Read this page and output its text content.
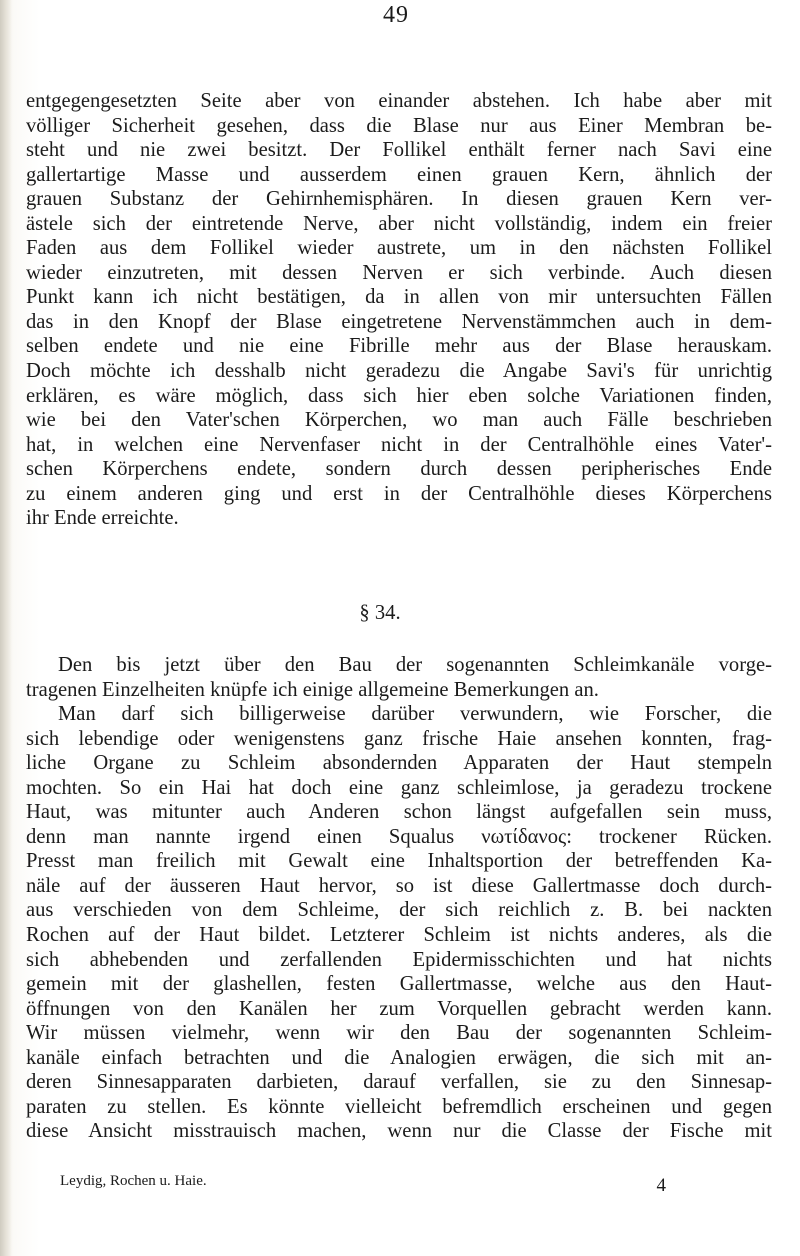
49
entgegengesetzten Seite aber von einander abstehen. Ich habe aber mit
völliger Sicherheit gesehen, dass die Blase nur aus Einer Membran be-
steht und nie zwei besitzt. Der Follikel enthält ferner nach Savi eine
gallertartige Masse und ausserdem einen grauen Kern, ähnlich der
grauen Substanz der Gehirnhemisphären. In diesen grauen Kern ver-
ästele sich der eintretende Nerve, aber nicht vollständig, indem ein freier
Faden aus dem Follikel wieder austrete, um in den nächsten Follikel
wieder einzutreten, mit dessen Nerven er sich verbinde. Auch diesen
Punkt kann ich nicht bestätigen, da in allen von mir untersuchten Fällen
das in den Knopf der Blase eingetretene Nervenstämmchen auch in dem-
selben endete und nie eine Fibrille mehr aus der Blase herauskam.
Doch möchte ich desshalb nicht geradezu die Angabe Savi's für unrichtig
erklären, es wäre möglich, dass sich hier eben solche Variationen finden,
wie bei den Vater'schen Körperchen, wo man auch Fälle beschrieben
hat, in welchen eine Nervenfaser nicht in der Centralhöhle eines Vater'-
schen Körperchens endete, sondern durch dessen peripherisches Ende
zu einem anderen ging und erst in der Centralhöhle dieses Körperchens
ihr Ende erreichte.
§ 34.
Den bis jetzt über den Bau der sogenannten Schleimkanäle vorge-
tragenen Einzelheiten knüpfe ich einige allgemeine Bemerkungen an.
Man darf sich billigerweise darüber verwundern, wie Forscher, die
sich lebendige oder wenigenstens ganz frische Haie ansehen konnten, frag-
liche Organe zu Schleim absondernden Apparaten der Haut stempeln
mochten. So ein Hai hat doch eine ganz schleimlose, ja geradezu trockene
Haut, was mitunter auch Anderen schon längst aufgefallen sein muss,
denn man nannte irgend einen Squalus νωτίδανος: trockener Rücken.
Presst man freilich mit Gewalt eine Inhaltsportion der betreffenden Ka-
näle auf der äusseren Haut hervor, so ist diese Gallertmasse doch durch-
aus verschieden von dem Schleime, der sich reichlich z. B. bei nackten
Rochen auf der Haut bildet. Letzterer Schleim ist nichts anderes, als die
sich abhebenden und zerfallenden Epidermisschichten und hat nichts
gemein mit der glashellen, festen Gallertmasse, welche aus den Haut-
öffnungen von den Kanälen her zum Vorquellen gebracht werden kann.
Wir müssen vielmehr, wenn wir den Bau der sogenannten Schleim-
kanäle einfach betrachten und die Analogien erwägen, die sich mit an-
deren Sinnesapparaten darbieten, darauf verfallen, sie zu den Sinnesap-
paraten zu stellen. Es könnte vielleicht befremdlich erscheinen und gegen
diese Ansicht misstrauisch machen, wenn nur die Classe der Fische mit
Leydig, Rochen u. Haie.	4
